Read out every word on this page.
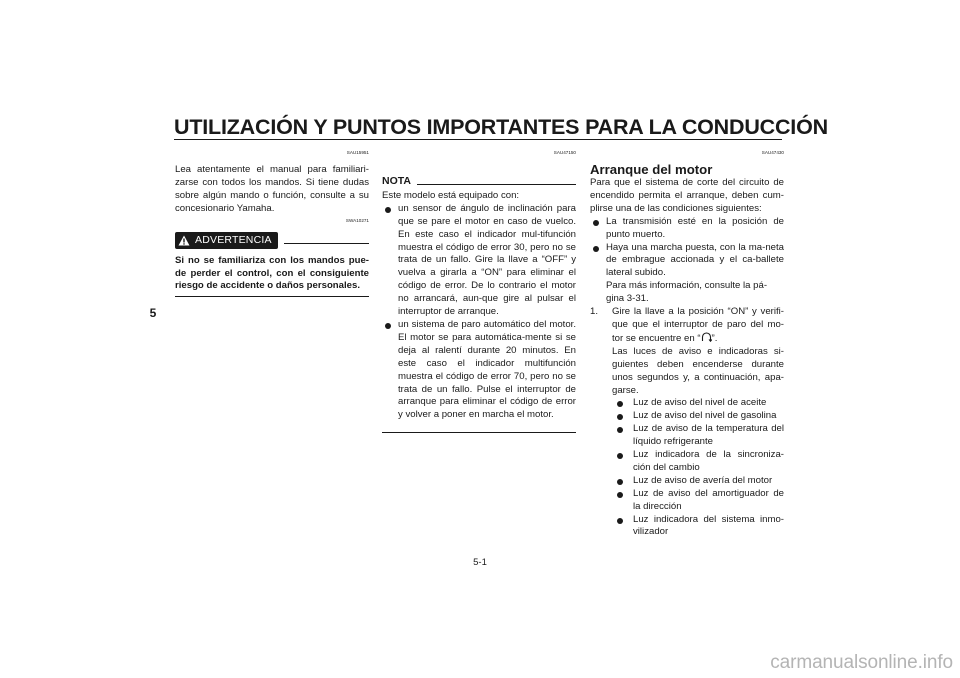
UTILIZACIÓN Y PUNTOS IMPORTANTES PARA LA CONDUCCIÓN
5
SAU15951

Lea atentamente el manual para familiari-zarse con todos los mandos. Si tiene dudas sobre algún mando o función, consulte a su concesionario Yamaha.

SWA10271
ADVERTENCIA

Si no se familiariza con los mandos pue-de perder el control, con el consiguiente riesgo de accidente o daños personales.

SAU47150
NOTA

Este modelo está equipado con:

un sensor de ángulo de inclinación para que se pare el motor en caso de vuelco. En este caso el indicador mul-tifunción muestra el código de error 30, pero no se trata de un fallo. Gire la llave a “OFF” y vuelva a girarla a “ON” para eliminar el código de error. De lo contrario el motor no arrancará, aun-que gire al pulsar el interruptor de arranque.
un sistema de paro automático del motor. El motor se para automática-mente si se deja al ralentí durante 20 minutos. En este caso el indicador multifunción muestra el código de error 70, pero no se trata de un fallo. Pulse el interruptor de arranque para eliminar el código de error y volver a poner en marcha el motor.
SAU47430
Arranque del motor

Para que el sistema de corte del circuito de encendido permita el arranque, deben cum-plirse una de las condiciones siguientes:

La transmisión esté en la posición de punto muerto.
Haya una marcha puesta, con la ma-neta de embrague accionada y el ca-ballete lateral subido.

Para más información, consulte la pá-gina 3-31.

1. Gire la llave a la posición “ON” y verifi-que que el interruptor de paro del mo-tor se encuentre en “ ”.

Las luces de aviso e indicadoras si-guientes deben encenderse durante unos segundos y, a continuación, apa-garse.

Luz de aviso del nivel de aceite
Luz de aviso del nivel de gasolina
Luz de aviso de la temperatura del líquido refrigerante
Luz indicadora de la sincroniza-ción del cambio
Luz de aviso de avería del motor
Luz de aviso del amortiguador de la dirección
Luz indicadora del sistema inmo-vilizador
5-1
carmanualsonline.info
